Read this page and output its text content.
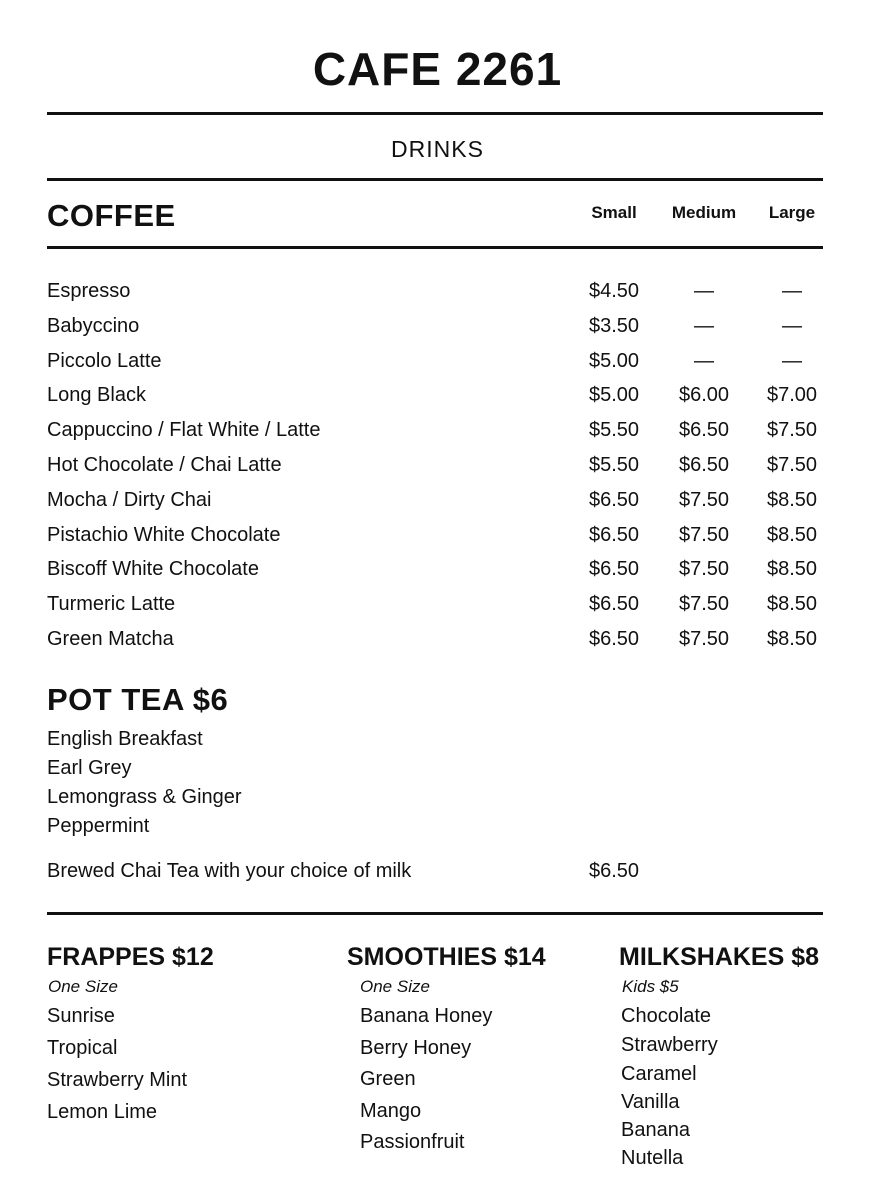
CAFE 2261
DRINKS
COFFEE	Small	Medium	Large
Espresso	$4.50	—	—
Babyccino	$3.50	—	—
Piccolo Latte	$5.00	—	—
Long Black	$5.00	$6.00	$7.00
Cappuccino / Flat White / Latte	$5.50	$6.50	$7.50
Hot Chocolate / Chai Latte	$5.50	$6.50	$7.50
Mocha / Dirty Chai	$6.50	$7.50	$8.50
Pistachio White Chocolate	$6.50	$7.50	$8.50
Biscoff White Chocolate	$6.50	$7.50	$8.50
Turmeric Latte	$6.50	$7.50	$8.50
Green Matcha	$6.50	$7.50	$8.50
POT TEA $6
English Breakfast
Earl Grey
Lemongrass & Ginger
Peppermint
Brewed Chai Tea with your choice of milk	$6.50
FRAPPES $12
One Size
Sunrise
Tropical
Strawberry Mint
Lemon Lime
SMOOTHIES $14
One Size
Banana Honey
Berry Honey
Green
Mango
Passionfruit
MILKSHAKES $8
Kids $5
Chocolate
Strawberry
Caramel
Vanilla
Banana
Nutella
